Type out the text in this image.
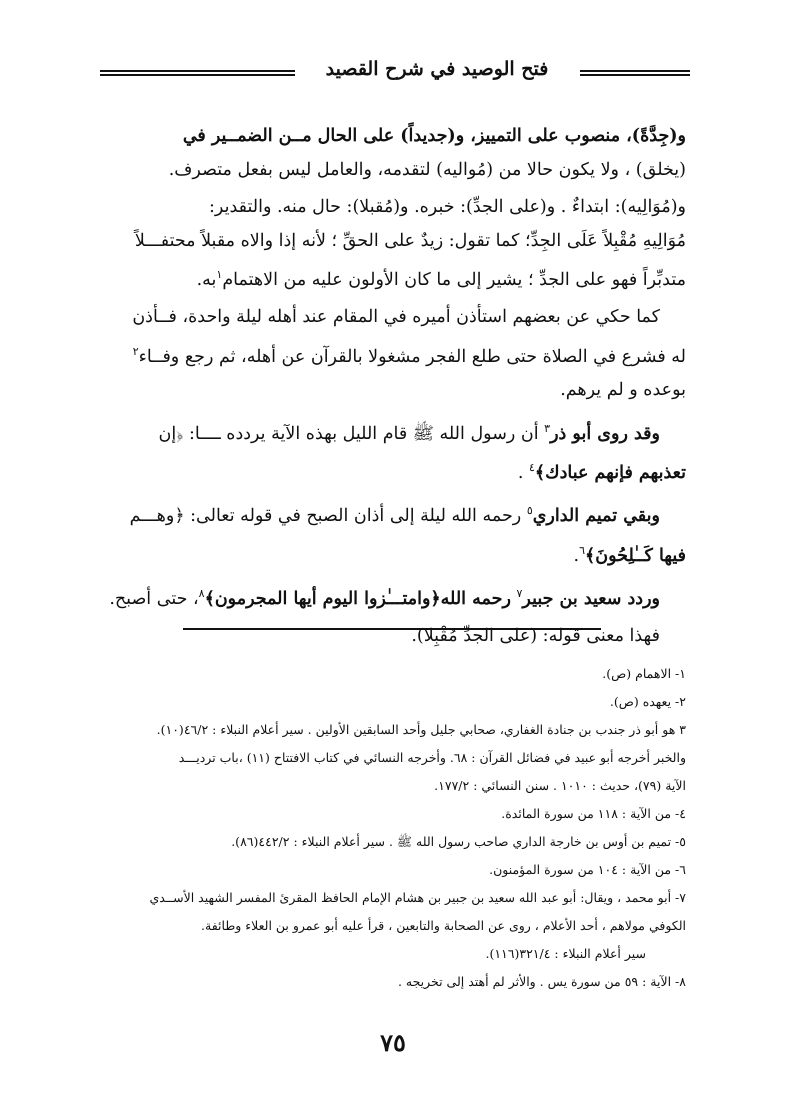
فتح الوصيد في شرح القصيد

و(جِدَّةً)، منصوب على التمييز، و(جديداً) على الحال مــن الضمــير في
(يخلق) ، ولا يكون حالا من (مُواليه) لتقدمه، والعامل ليس بفعل متصرف.

و(مُوَالِيه): ابتداءٌ . و(على الجدِّ): خبره. و(مُقبلا): حال منه. والتقدير:
مُوَالِيهِ مُقْبِلاً عَلَى الجِدِّ؛ كما تقول: زيدٌ على الحقِّ ؛ لأنه إذا والاه مقبلاً محتفـــلاً
متدبِّراً فهو على الجدِّ ؛ يشير إلى ما كان الأولون عليه من الاهتمام$^١$به.

كما حكي عن بعضهم استأذن أميره في المقام عند أهله ليلة واحدة، فــأذن
له فشرع في الصلاة حتى طلع الفجر مشغولا بالقرآن عن أهله، ثم رجع وفــاء$^٢$
بوعده و لم يرهم.

وقد روى أبو ذر$^٣$ أن رسول الله ﷺ قام الليل بهذه الآية يردده ــــا: ﴿إن
تعذبهم فإنهم عبادك﴾$^٤$ .

وبقي تميم الداري$^٥$ رحمه الله ليلة إلى أذان الصبح في قوله تعالى: ﴿وهـــم
فيها كَــٰلِحُونَ﴾$^٦$.

وردد سعيد بن جبير$^٧$ رحمه الله﴿وامتـــٰزوا اليوم أيها المجرمون﴾$^٨$، حتى أصبح.

فهذا معنى قوله: (على الجدِّ مُقْبِلا).

١- الاهمام (ص).
٢- يعهده (ص).
٣ هو أبو ذر جندب بن جنادة الغفاري، صحابي جليل وأحد السابقين الأولين . سير أعلام النبلاء : ٤٦/٢(١٠).
والخبر أخرجه أبو عبيد في فضائل القرآن : ٦٨. وأخرجه النسائي في كتاب الافتتاح (١١) ،باب ترديـــد
الآية (٧٩)، حديث : ١٠١٠ . سنن النسائي : ١٧٧/٢.
٤- من الآية : ١١٨ من سورة المائدة.
٥- تميم بن أوس بن خارجة الداري صاحب رسول الله ﷺ . سير أعلام النبلاء : ٤٤٢/٢(٨٦).
٦- من الآية : ١٠٤ من سورة المؤمنون.
٧- أبو محمد ، ويقال: أبو عبد الله سعيد بن جبير بن هشام الإمام الحافظ المقرئ المفسر الشهيد الأســدي
الكوفي مولاهم ، أحد الأعلام ، روى عن الصحابة والتابعين ، قرأ عليه أبو عمرو بن العلاء وطائفة.
سير أعلام النبلاء : ٣٢١/٤(١١٦).
٨- الآية : ٥٩ من سورة يس . والأثر لم أهتد إلى تخريجه .
٧٥
